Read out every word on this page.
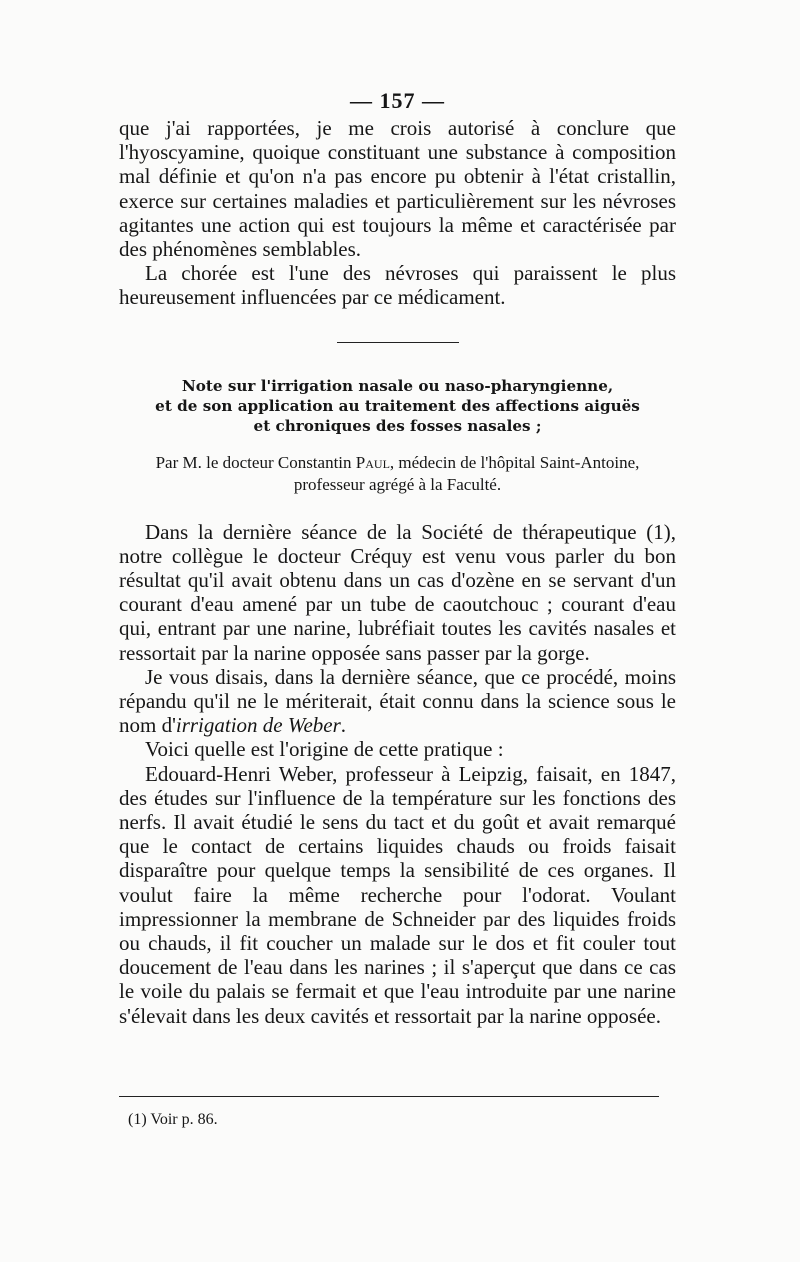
— 157 —

que j'ai rapportées, je me crois autorisé à conclure que l'hyoscyamine, quoique constituant une substance à composition mal définie et qu'on n'a pas encore pu obtenir à l'état cristallin, exerce sur certaines maladies et particulièrement sur les névroses agitantes une action qui est toujours la même et caractérisée par des phénomènes semblables.

La chorée est l'une des névroses qui paraissent le plus heureusement influencées par ce médicament.

Note sur l'irrigation nasale ou naso-pharyngienne,

et de son application au traitement des affections aiguës

et chroniques des fosses nasales ;

Par M. le docteur Constantin Paul, médecin de l'hôpital Saint-Antoine,
professeur agrégé à la Faculté.

Dans la dernière séance de la Société de thérapeutique (1), notre collègue le docteur Créquy est venu vous parler du bon résultat qu'il avait obtenu dans un cas d'ozène en se servant d'un courant d'eau amené par un tube de caoutchouc ; courant d'eau qui, entrant par une narine, lubréfiait toutes les cavités nasales et ressortait par la narine opposée sans passer par la gorge.

Je vous disais, dans la dernière séance, que ce procédé, moins répandu qu'il ne le mériterait, était connu dans la science sous le nom d'irrigation de Weber.

Voici quelle est l'origine de cette pratique :

Edouard-Henri Weber, professeur à Leipzig, faisait, en 1847, des études sur l'influence de la température sur les fonctions des nerfs. Il avait étudié le sens du tact et du goût et avait remarqué que le contact de certains liquides chauds ou froids faisait disparaître pour quelque temps la sensibilité de ces organes. Il voulut faire la même recherche pour l'odorat. Voulant impressionner la membrane de Schneider par des liquides froids ou chauds, il fit coucher un malade sur le dos et fit couler tout doucement de l'eau dans les narines ; il s'aperçut que dans ce cas le voile du palais se fermait et que l'eau introduite par une narine s'élevait dans les deux cavités et ressortait par la narine opposée.

(1) Voir p. 86.
